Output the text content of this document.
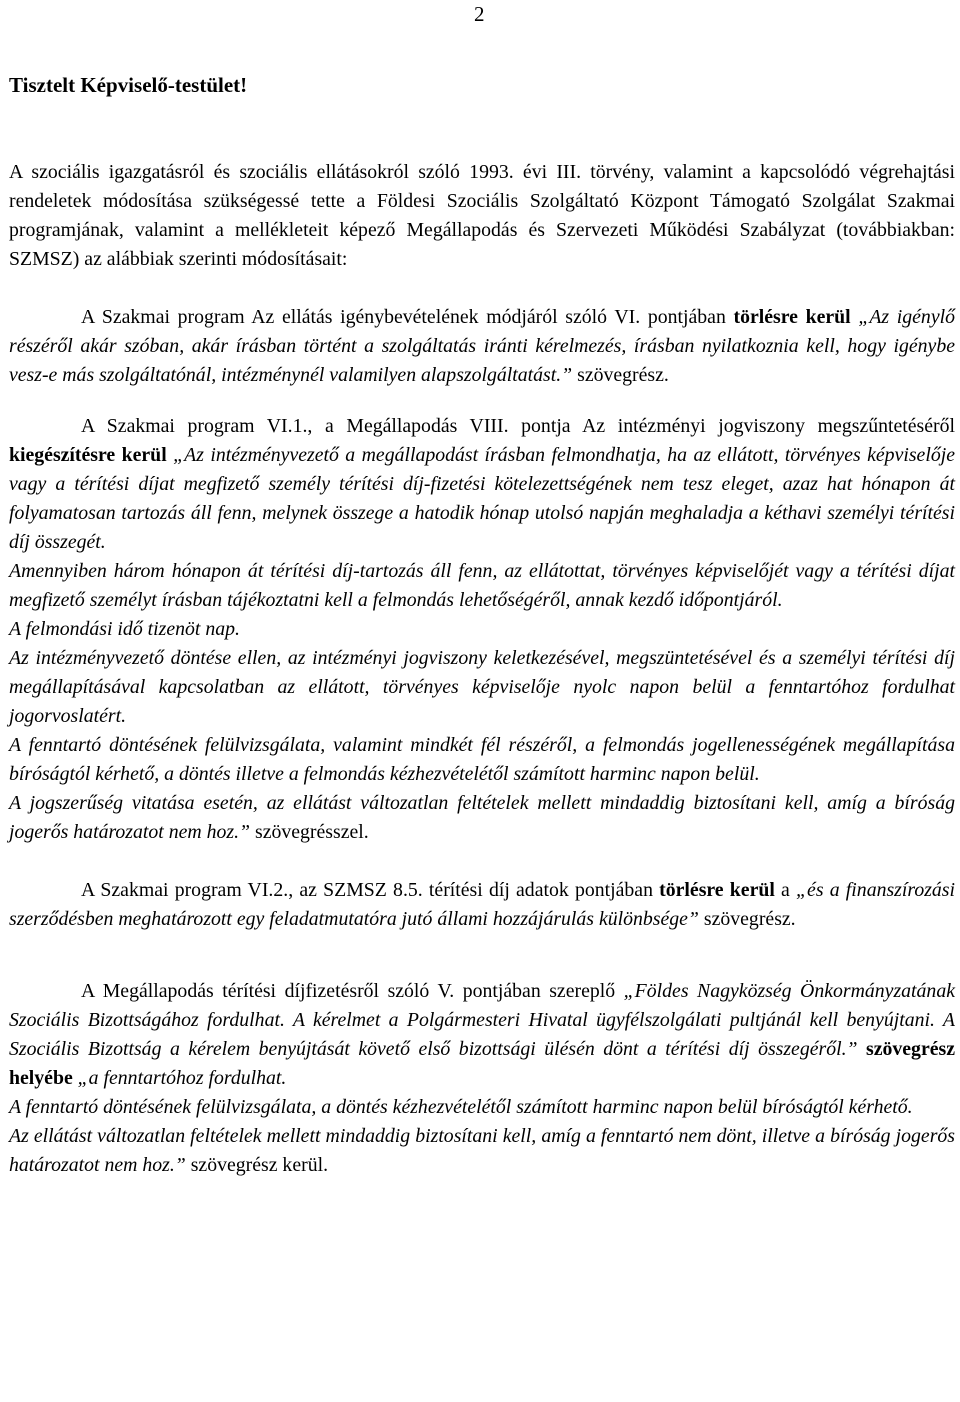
2
Tisztelt Képviselő-testület!

A szociális igazgatásról és szociális ellátásokról szóló 1993. évi III. törvény, valamint a kapcsolódó végrehajtási rendeletek módosítása szükségessé tette a Földesi Szociális Szolgáltató Központ Támogató Szolgálat Szakmai programjának, valamint a mellékleteit képező Megállapodás és Szervezeti Működési Szabályzat (továbbiakban: SZMSZ) az alábbiak szerinti módosításait:

A Szakmai program Az ellátás igénybevételének módjáról szóló VI. pontjában törlésre kerül „Az igénylő részéről akár szóban, akár írásban történt a szolgáltatás iránti kérelmezés, írásban nyilatkoznia kell, hogy igénybe vesz-e más szolgáltatónál, intézménynél valamilyen alapszolgáltatást.” szövegrész.

A Szakmai program VI.1., a Megállapodás VIII. pontja Az intézményi jogviszony megszűntetéséről kiegészítésre kerül „Az intézményvezető a megállapodást írásban felmondhatja, ha az ellátott, törvényes képviselője vagy a térítési díjat megfizető személy térítési díj-fizetési kötelezettségének nem tesz eleget, azaz hat hónapon át folyamatosan tartozás áll fenn, melynek összege a hatodik hónap utolsó napján meghaladja a kéthavi személyi térítési díj összegét.

Amennyiben három hónapon át térítési díj-tartozás áll fenn, az ellátottat, törvényes képviselőjét vagy a térítési díjat megfizető személyt írásban tájékoztatni kell a felmondás lehetőségéről, annak kezdő időpontjáról.

A felmondási idő tizenöt nap.

Az intézményvezető döntése ellen, az intézményi jogviszony keletkezésével, megszüntetésével és a személyi térítési díj megállapításával kapcsolatban az ellátott, törvényes képviselője nyolc napon belül a fenntartóhoz fordulhat jogorvoslatért.

A fenntartó döntésének felülvizsgálata, valamint mindkét fél részéről, a felmondás jogellenességének megállapítása bíróságtól kérhető, a döntés illetve a felmondás kézhezvételétől számított harminc napon belül.

A jogszerűség vitatása esetén, az ellátást változatlan feltételek mellett mindaddig biztosítani kell, amíg a bíróság jogerős határozatot nem hoz.” szövegrésszel.

A Szakmai program VI.2., az SZMSZ 8.5. térítési díj adatok pontjában törlésre kerül a „és a finanszírozási szerződésben meghatározott egy feladatmutatóra jutó állami hozzájárulás különbsége” szövegrész.

A Megállapodás térítési díjfizetésről szóló V. pontjában szereplő „Földes Nagyközség Önkormányzatának Szociális Bizottságához fordulhat. A kérelmet a Polgármesteri Hivatal ügyfélszolgálati pultjánál kell benyújtani. A Szociális Bizottság a kérelem benyújtását követő első bizottsági ülésén dönt a térítési díj összegéről.” szövegrész helyébe „a fenntartóhoz fordulhat.

A fenntartó döntésének felülvizsgálata, a döntés kézhezvételétől számított harminc napon belül bíróságtól kérhető.

Az ellátást változatlan feltételek mellett mindaddig biztosítani kell, amíg a fenntartó nem dönt, illetve a bíróság jogerős határozatot nem hoz.” szövegrész kerül.
